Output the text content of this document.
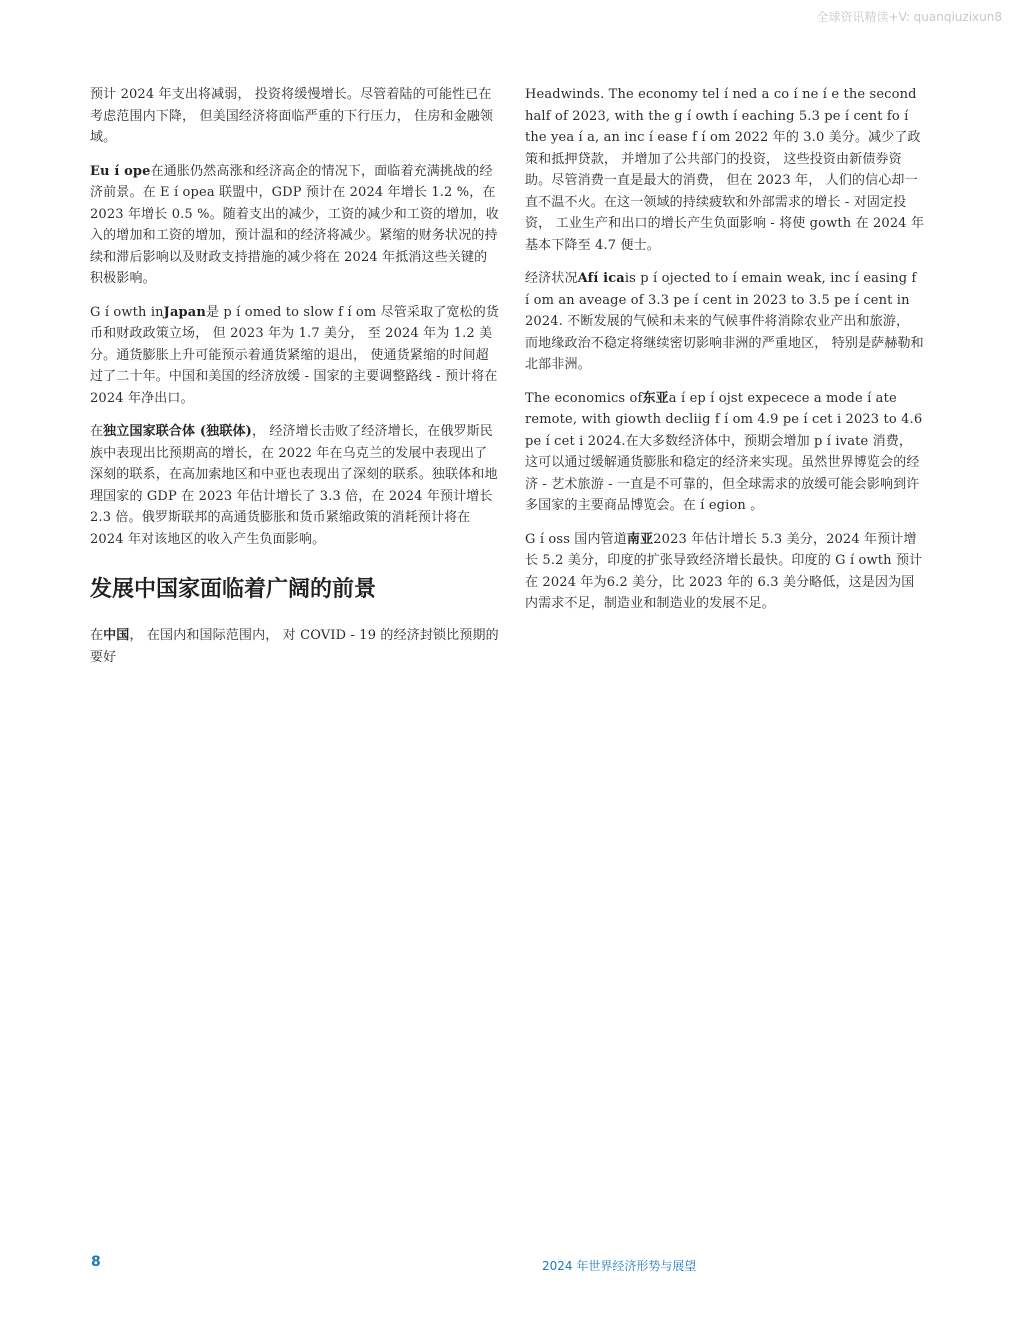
全球资讯精读+V: quanqiuzixun8

预计 2024 年支出将减弱， 投资将缓慢增长。尽管着陆的可能性已在考虑范围内下降， 但美国经济将面临严重的下行压力， 住房和金融领域。

Eu í ope在通胀仍然高涨和经济高企的情况下，面临着充满挑战的经济前景。在 E í opea 联盟中，GDP 预计在 2024 年增长 1.2 %，在 2023 年增长 0.5 %。随着支出的减少，工资的减少和工资的增加，收入的增加和工资的增加，预计温和的经济将减少。紧缩的财务状况的持续和滞后影响以及财政支持措施的减少将在 2024 年抵消这些关键的积极影响。

G í owth inJapan是 p í omed to slow f í om 尽管采取了宽松的货币和财政政策立场， 但 2023 年为 1.7 美分， 至 2024 年为 1.2 美分。通货膨胀上升可能预示着通货紧缩的退出， 使通货紧缩的时间超过了二十年。中国和美国的经济放缓 - 国家的主要调整路线 - 预计将在 2024 年净出口。

在独立国家联合体 (独联体)， 经济增长击败了经济增长，在俄罗斯民族中表现出比预期高的增长，在 2022 年在乌克兰的发展中表现出了深刻的联系，在高加索地区和中亚也表现出了深刻的联系。独联体和地理国家的 GDP 在 2023 年估计增长了 3.3 倍，在 2024 年预计增长 2.3 倍。俄罗斯联邦的高通货膨胀和货币紧缩政策的消耗预计将在 2024 年对该地区的收入产生负面影响。

发展中国家面临着广阔的前景

在中国， 在国内和国际范围内， 对 COVID - 19 的经济封锁比预期的要好

Headwinds. The economy tel í ned a co í ne í e the second half of 2023, with the g í owth í eaching 5.3 pe í cent fo í the yea í a, an inc í ease f í om 2022 年的 3.0 美分。减少了政策和抵押贷款， 并增加了公共部门的投资， 这些投资由新债券资助。尽管消费一直是最大的消费， 但在 2023 年， 人们的信心却一直不温不火。在这一领域的持续疲软和外部需求的增长 - 对固定投资， 工业生产和出口的增长产生负面影响 - 将使 gowth 在 2024 年基本下降至 4.7 便士。

经济状况Afí icais p í ojected to í emain weak, inc í easing f í om an aveage of 3.3 pe í cent in 2023 to 3.5 pe í cent in 2024. 不断发展的气候和未来的气候事件将消除农业产出和旅游， 而地缘政治不稳定将继续密切影响非洲的严重地区， 特别是萨赫勒和北部非洲。

The economics of东亚a í ep í ojst expecece a mode í ate remote, with giowth decliig f í om 4.9 pe í cet i 2023 to 4.6 pe í cet i 2024.在大多数经济体中，预期会增加 p í ivate 消费，这可以通过缓解通货膨胀和稳定的经济来实现。虽然世界博览会的经济 - 艺术旅游 - 一直是不可靠的，但全球需求的放缓可能会影响到许多国家的主要商品博览会。在 í egion 。

G í oss 国内管道南亚2023 年估计增长 5.3 美分，2024 年预计增长 5.2 美分，印度的扩张导致经济增长最快。印度的 G í owth 预计在 2024 年为6.2 美分，比 2023 年的 6.3 美分略低，这是因为国内需求不足，制造业和制造业的发展不足。

8	2024 年世界经济形势与展望
